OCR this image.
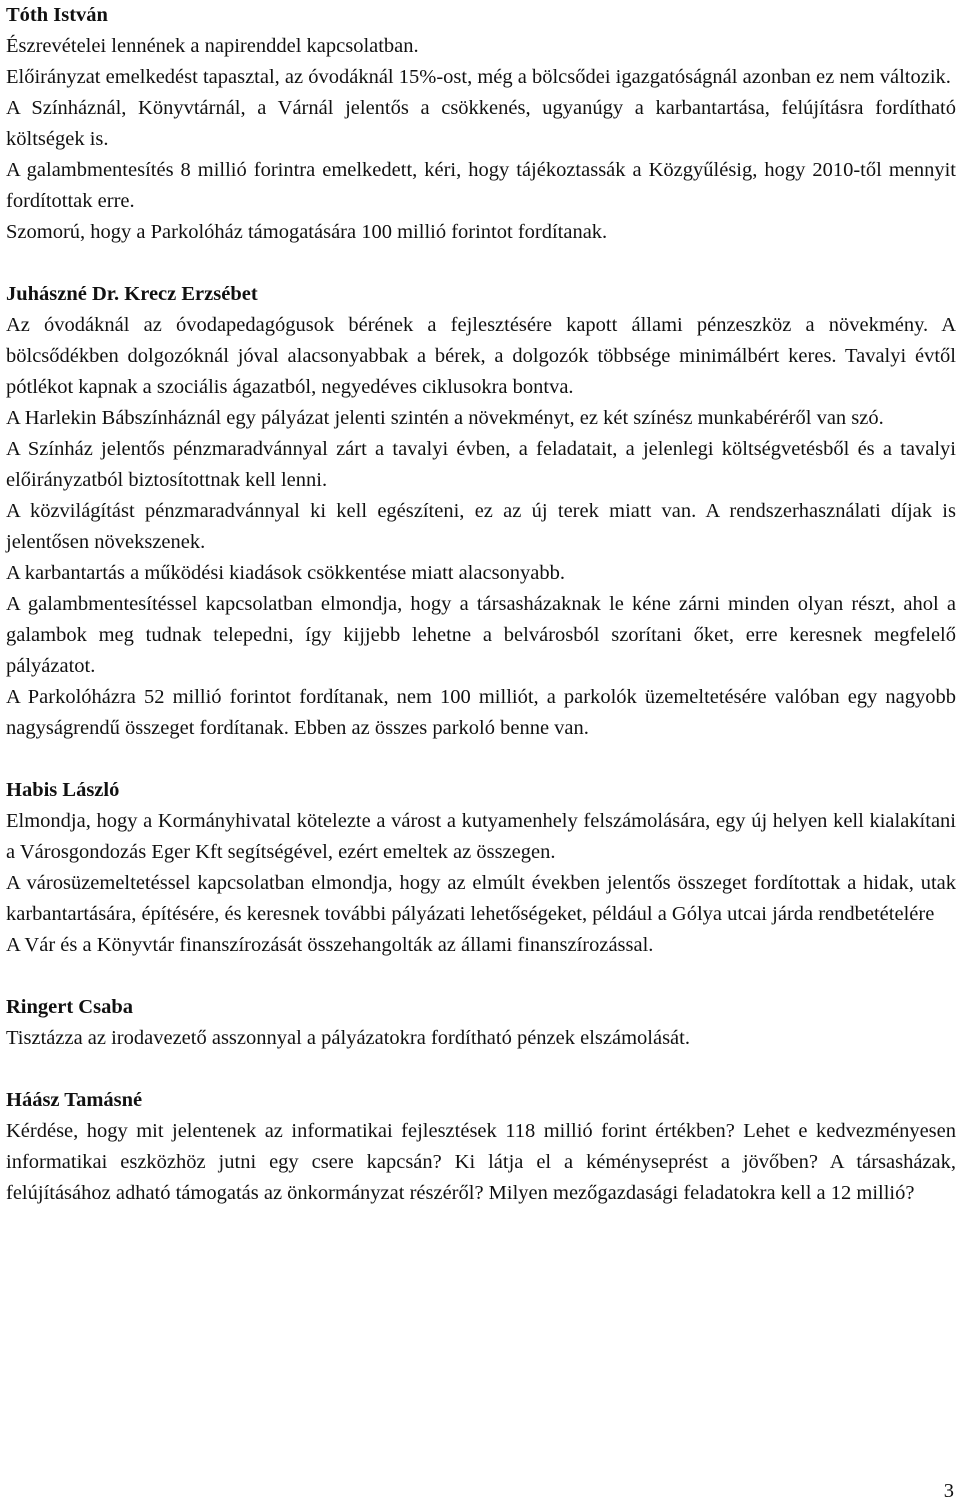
Tóth István

Észrevételei lennének a napirenddel kapcsolatban.

Előirányzat emelkedést tapasztal, az óvodáknál 15%-ost, még a bölcsődei igazgatóságnál azonban ez nem változik.

A Színháznál, Könyvtárnál, a Várnál jelentős a csökkenés, ugyanúgy a karbantartása, felújításra fordítható költségek is.

A galambmentesítés 8 millió forintra emelkedett, kéri, hogy tájékoztassák a Közgyűlésig, hogy 2010-től mennyit fordítottak erre.

Szomorú, hogy a Parkolóház támogatására 100 millió forintot fordítanak.

Juhászné Dr. Krecz Erzsébet

Az óvodáknál az óvodapedagógusok bérének a fejlesztésére kapott állami pénzeszköz a növekmény. A bölcsődékben dolgozóknál jóval alacsonyabbak a bérek, a dolgozók többsége minimálbért keres. Tavalyi évtől pótlékot kapnak a szociális ágazatból, negyedéves ciklusokra bontva.

A Harlekin Bábszínháznál egy pályázat jelenti szintén a növekményt, ez két színész munkabéréről van szó.

A Színház jelentős pénzmaradvánnyal zárt a tavalyi évben, a feladatait, a jelenlegi költségvetésből és a tavalyi előirányzatból biztosítottnak kell lenni.

A közvilágítást pénzmaradvánnyal ki kell egészíteni, ez az új terek miatt van. A rendszerhasználati díjak is jelentősen növekszenek.

A karbantartás a működési kiadások csökkentése miatt alacsonyabb.

A galambmentesítéssel kapcsolatban elmondja, hogy a társasházaknak le kéne zárni minden olyan részt, ahol a galambok meg tudnak telepedni, így kijjebb lehetne a belvárosból szorítani őket, erre keresnek megfelelő pályázatot.

A Parkolóházra 52 millió forintot fordítanak, nem 100 milliót, a parkolók üzemeltetésére valóban egy nagyobb nagyságrendű összeget fordítanak. Ebben az összes parkoló benne van.

Habis László

Elmondja, hogy a Kormányhivatal kötelezte a várost a kutyamenhely felszámolására, egy új helyen kell kialakítani a Városgondozás Eger Kft segítségével, ezért emeltek az összegen.

A városüzemeltetéssel kapcsolatban elmondja, hogy az elmúlt években jelentős összeget fordítottak a hidak, utak karbantartására, építésére, és keresnek további pályázati lehetőségeket, például a Gólya utcai járda rendbetételére

A Vár és a Könyvtár finanszírozását összehangolták az állami finanszírozással.

Ringert Csaba

Tisztázza az irodavezető asszonnyal a pályázatokra fordítható pénzek elszámolását.

Háász Tamásné

Kérdése, hogy mit jelentenek az informatikai fejlesztések 118 millió forint értékben? Lehet e kedvezményesen informatikai eszközhöz jutni egy csere kapcsán? Ki látja el a kéményseprést a jövőben? A társasházak, felújításához adható támogatás az önkormányzat részéről? Milyen mezőgazdasági feladatokra kell a 12 millió?

3
